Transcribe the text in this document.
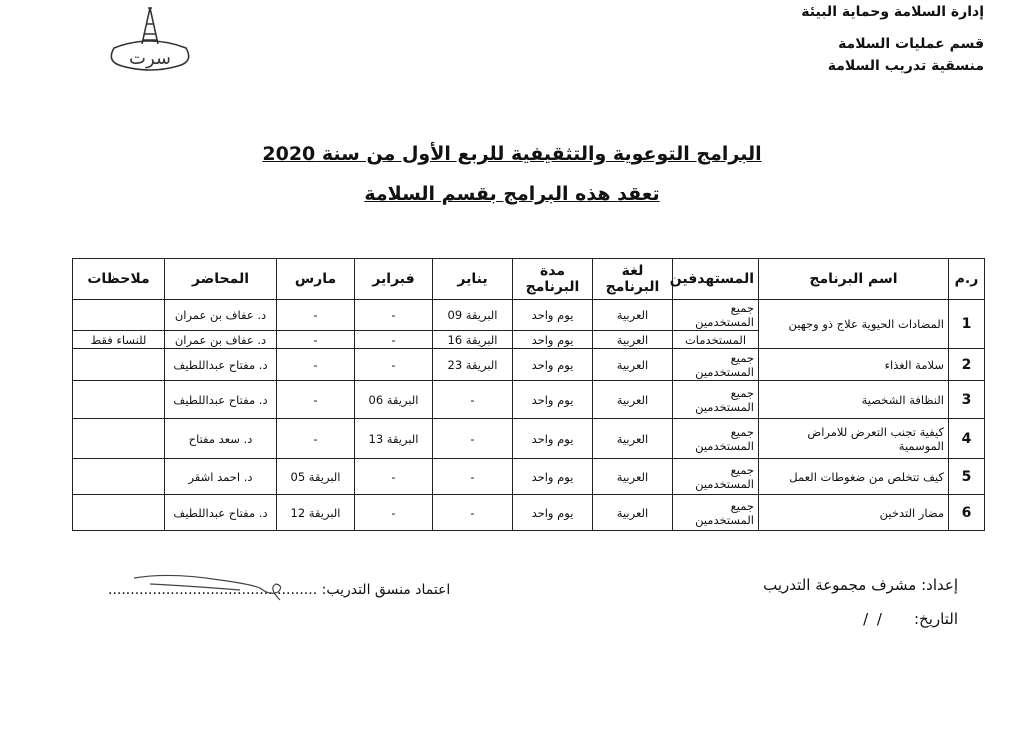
إدارة السلامة وحماية البيئة
قسم عمليات السلامة
منسقية تدريب السلامة
سرت
البرامج التوعوية والتثقيفية للربع الأول من سنة 2020
تعقد هذه البرامج بقسم السلامة
ر.م	اسم البرنامج	المستهدفين	لغة البرنامج	مدة البرنامج	يناير	فبراير	مارس	المحاضر	ملاحظات
1	المضادات الحيوية علاج ذو وجهين	جميع المستخدمين	العربية	يوم واحد	البريقة 09	-	-	د. عفاف بن عمران	
		المستخدمات	العربية	يوم واحد	البريقة 16	-	-	د. عفاف بن عمران	للنساء فقط
2	سلامة الغذاء	جميع المستخدمين	العربية	يوم واحد	البريقة 23	-	-	د. مفتاح عبداللطيف	
3	النظافة الشخصية	جميع المستخدمين	العربية	يوم واحد	-	البريقة 06	-	د. مفتاح عبداللطيف	
4	كيفية تجنب التعرض للامراض الموسمية	جميع المستخدمين	العربية	يوم واحد	-	البريقة 13	-	د. سعد مفتاح	
5	كيف تتخلص من ضغوطات العمل	جميع المستخدمين	العربية	يوم واحد	-	-	البريقة 05	د. احمد اشقر	
6	مضار التدخين	جميع المستخدمين	العربية	يوم واحد	-	-	البريقة 12	د. مفتاح عبداللطيف	
إعداد: مشرف مجموعة التدريب
التاريخ:
/ /
اعتماد منسق التدريب: ...............................................
